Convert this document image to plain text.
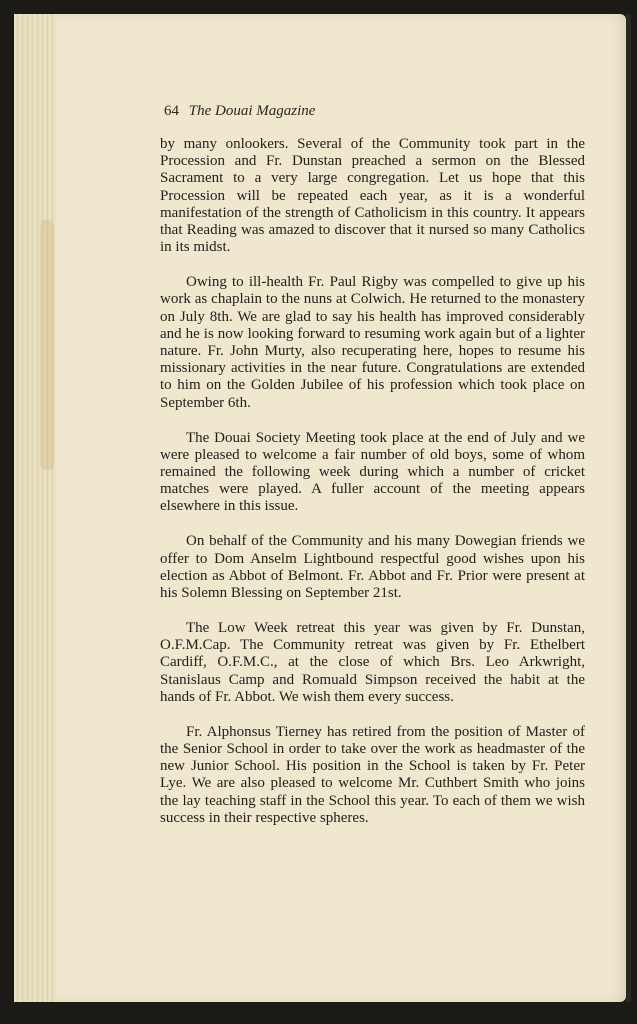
64 The Douai Magazine

by many onlookers. Several of the Community took part in the Procession and Fr. Dunstan preached a sermon on the Blessed Sacrament to a very large congregation. Let us hope that this Procession will be repeated each year, as it is a wonderful manifestation of the strength of Catholicism in this country. It appears that Reading was amazed to discover that it nursed so many Catholics in its midst.

Owing to ill-health Fr. Paul Rigby was compelled to give up his work as chaplain to the nuns at Colwich. He returned to the monastery on July 8th. We are glad to say his health has improved considerably and he is now looking forward to resuming work again but of a lighter nature. Fr. John Murty, also recuperating here, hopes to resume his missionary activities in the near future. Congratulations are extended to him on the Golden Jubilee of his profession which took place on September 6th.

The Douai Society Meeting took place at the end of July and we were pleased to welcome a fair number of old boys, some of whom remained the following week during which a number of cricket matches were played. A fuller account of the meeting appears elsewhere in this issue.

On behalf of the Community and his many Dowegian friends we offer to Dom Anselm Lightbound respectful good wishes upon his election as Abbot of Belmont. Fr. Abbot and Fr. Prior were present at his Solemn Blessing on September 21st.

The Low Week retreat this year was given by Fr. Dunstan, O.F.M.Cap. The Community retreat was given by Fr. Ethelbert Cardiff, O.F.M.C., at the close of which Brs. Leo Arkwright, Stanislaus Camp and Romuald Simpson received the habit at the hands of Fr. Abbot. We wish them every success.

Fr. Alphonsus Tierney has retired from the position of Master of the Senior School in order to take over the work as headmaster of the new Junior School. His position in the School is taken by Fr. Peter Lye. We are also pleased to welcome Mr. Cuthbert Smith who joins the lay teaching staff in the School this year. To each of them we wish success in their respective spheres.
